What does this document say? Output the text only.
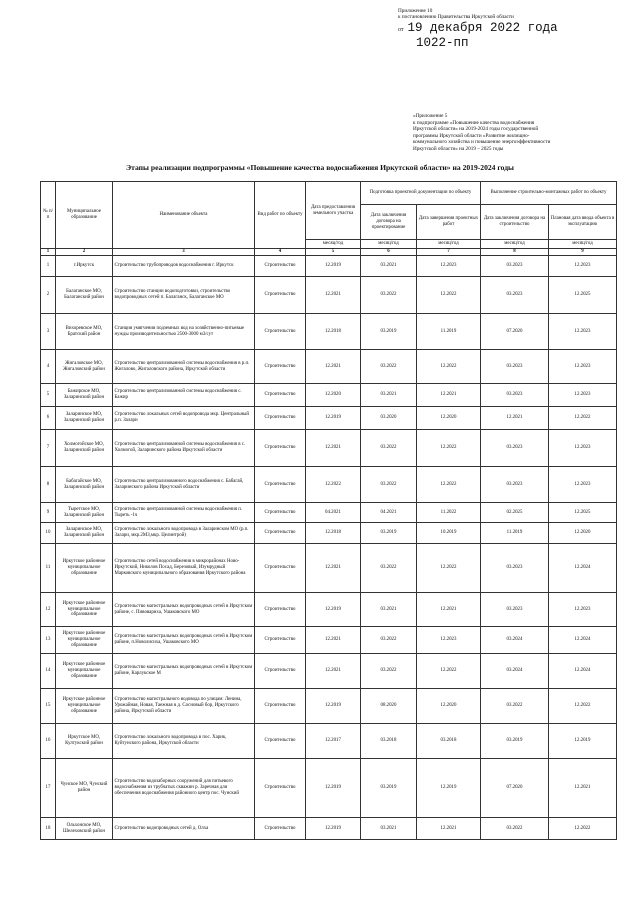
Приложение 10
к постановлению Правительства Иркутской области
от 19 декабря 2022 года
1022-пп
«Приложение 5
к подпрограмме «Повышение качества водоснабжения
Иркутской области» на 2019-2024 годы государственной
программы Иркутской области «Развитие жилищно-
коммунального хозяйства и повышение энергоэффективности
Иркутской области» на 2019 – 2025 годы
Этапы реализации подпрограммы «Повышение качества водоснабжения Иркутской области» на 2019-2024 годы
№ п/п	Муниципальное образование	Наименование объекта	Вид работ по объекту	Дата предоставления земельного участка	Подготовка проектной документации по объекту		Выполнение строительно-монтажных работ по объекту	
					Дата заключения договора на проектирование	Дата завершения проектных работ	Дата заключения договора на строительство	Плановая дата ввода объекта в эксплуатацию
				месяц/год	месяц/год	месяц/год	месяц/год	месяц/год
1	2	3	4	5	6	7	8	9
1	г.Иркутск	Строительство трубопроводов водоснабжения г. Иркутск	Строительство	12.2019	03.2021	12.2023	03.2023	12.2023
2	Балаганское МО, Балаганский район	Строительство станции водоподготовки, строительство водопроводных сетей п. Балаганск, Балаганское МО	Строительство	12.2021	03.2022	12.2022	03.2023	12.2025
3	Вихоревское МО, Братский район	Станция умягчения подземных вод на хозяйственно-питьевые нужды производительностью 2500-3000 м3/сут	Строительство	12.2018	03.2019	11.2019	07.2020	12.2023
4	Жигаловское МО, Жигаловский район	Строительство централизованной системы водоснабжения в р.п. Жигалово, Жигаловского района, Иркутской области	Строительство	12.2021	03.2022	12.2022	03.2023	12.2023
5	Бажирское МО, Заларинский район	Строительство централизованной системы водоснабжения с. Бажир	Строительство	12.2020	03.2021	12.2021	03.2023	12.2023
6	Заларинское МО, Заларинский район	Строительство локальных сетей водопровода мкр. Центральный р.п. Залари	Строительство	12.2019	03.2020	12.2020	12.2021	12.2022
7	Холмогойское МО, Заларинский район	Строительство централизованной системы водоснабжения в с. Холмогой, Заларинского района Иркутской области	Строительство	12.2021	03.2022	12.2022	03.2023	12.2023
8	Бабагайское МО, Заларинский район	Строительство централизованного водоснабжения с. Бабагай, Заларинского района Иркутской области	Строительство	12.2022	03.2022	12.2022	03.2023	12.2023
9	Тыретское МО, Заларинский район	Строительство централизованной системы водоснабжения п. Тыреть -1ч	Строительство	04.2021	04.2021	11.2022	02.2025	12.2025
10	Заларинское МО, Заларинский район	Строительство локального водопровода в Заларинском МО (р.п. Залари, мкр.2МЗ,мкр. Целинтрой)	Строительство	12.2018	03.2019	10.2019	11.2019	12.2020
11	Иркутское районное муниципальное образование	Строительство сетей водоснабжения в микрорайонах Ново-Иркутский, Николов Посад, Березовый, Изумрудный Марковского муниципального образования Иркутского района	Строительство	12.2021	03.2022	12.2022	03.2023	12.2024
12	Иркутское районное муниципальное образование	Строительство магистральных водопроводных сетей в Иркутском районе, с. Пивовариха, Ушаковского МО	Строительство	12.2019	03.2021	12.2021	03.2023	12.2023
13	Иркутское районное муниципальное образование	Строительство магистральных водопроводных сетей в Иркутском районе, п.Новолисиха, Ушаковского МО	Строительство	12.2021	03.2022	12.2023	03.2024	12.2024
14	Иркутское районное муниципальное образование	Строительство магистральных водопроводных сетей в Иркутском районе, Карлукское М	Строительство	12.2021	03.2022	12.2022	03.2024	12.2024
15	Иркутское районное муниципальное образование	Строительство магистрального водовода по улицам: Ленина, Урожайная, Новая, Таежная в д. Сосновый бор, Иркутского района, Иркутской области	Строительство	12.2019	08.2020	12.2020	03.2022	12.2022
16	Иркутское МО, Култукский район	Строительство локального водопровода в пос. Харик, Куйтунского района, Иркутской области	Строительство	12.2017	03.2018	03.2018	03.2019	12.2019
17	Чунское МО, Чунский район	Строительство водозаборных сооружений для питьевого водоснабжения из трубчатых скважин р. Заречная для обеспечения водоснабжения районного центр пос. Чунский	Строительство	12.2019	03.2019	12.2019	07.2020	12.2021
18	Ольхонское МО, Шелеховский район	Строительство водопроводных сетей д. Олха	Строительство	12.2019	03.2021	12.2021	03.2022	12.2022
